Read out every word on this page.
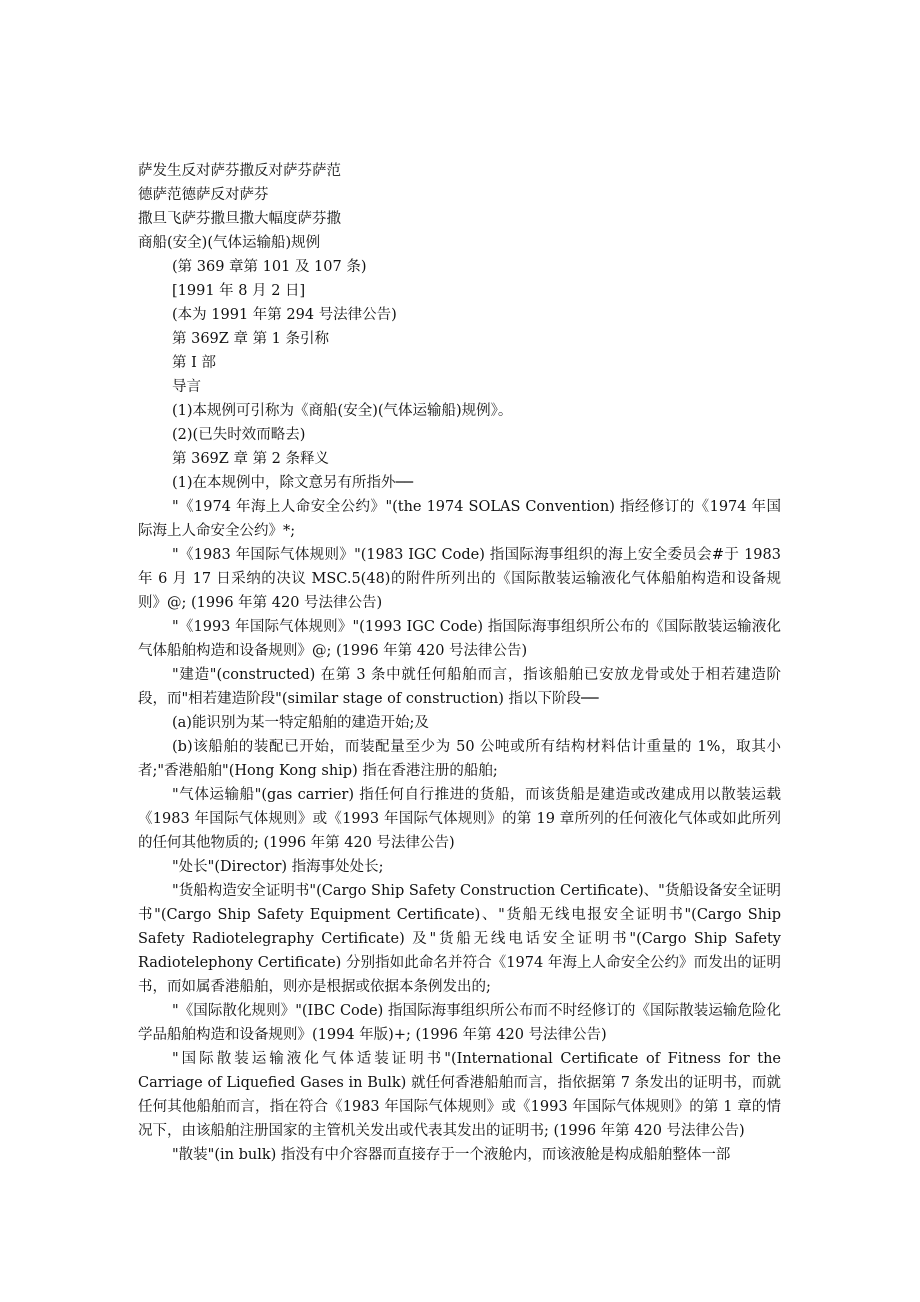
萨发生反对萨芬撒反对萨芬萨范
德萨范德萨反对萨芬
撒旦飞萨芬撒旦撒大幅度萨芬撒
商船(安全)(气体运输船)规例
(第 369 章第 101 及 107 条)
[1991 年 8 月 2 日]
(本为 1991 年第 294 号法律公告)
第 369Z 章 第 1 条引称
第 I 部
导言
(1)本规例可引称为《商船(安全)(气体运输船)规例》。
(2)(已失时效而略去)
第 369Z 章 第 2 条释义
(1)在本规例中，除文意另有所指外──
"《1974 年海上人命安全公约》"(the 1974 SOLAS Convention) 指经修订的《1974 年国际海上人命安全公约》*;
"《1983 年国际气体规则》"(1983 IGC Code) 指国际海事组织的海上安全委员会#于 1983 年 6 月 17 日采纳的决议 MSC.5(48)的附件所列出的《国际散装运输液化气体船舶构造和设备规则》@; (1996 年第 420 号法律公告)
"《1993 年国际气体规则》"(1993 IGC Code) 指国际海事组织所公布的《国际散装运输液化气体船舶构造和设备规则》@; (1996 年第 420 号法律公告)
"建造"(constructed) 在第 3 条中就任何船舶而言，指该船舶已安放龙骨或处于相若建造阶段，而"相若建造阶段"(similar stage of construction) 指以下阶段──
(a)能识别为某一特定船舶的建造开始;及
(b)该船舶的装配已开始，而装配量至少为 50 公吨或所有结构材料估计重量的 1%，取其小者;"香港船舶"(Hong Kong ship) 指在香港注册的船舶;
"气体运输船"(gas carrier) 指任何自行推进的货船，而该货船是建造或改建成用以散装运载《1983 年国际气体规则》或《1993 年国际气体规则》的第 19 章所列的任何液化气体或如此所列的任何其他物质的; (1996 年第 420 号法律公告)
"处长"(Director) 指海事处处长;
"货船构造安全证明书"(Cargo Ship Safety Construction Certificate)、"货船设备安全证明书"(Cargo Ship Safety Equipment Certificate)、"货船无线电报安全证明书"(Cargo Ship Safety Radiotelegraphy Certificate) 及"货船无线电话安全证明书"(Cargo Ship Safety Radiotelephony Certificate) 分别指如此命名并符合《1974 年海上人命安全公约》而发出的证明书，而如属香港船舶，则亦是根据或依据本条例发出的;
"《国际散化规则》"(IBC Code) 指国际海事组织所公布而不时经修订的《国际散装运输危险化学品船舶构造和设备规则》(1994 年版)+; (1996 年第 420 号法律公告)
"国际散装运输液化气体适装证明书"(International Certificate of Fitness for the Carriage of Liquefied Gases in Bulk) 就任何香港船舶而言，指依据第 7 条发出的证明书，而就任何其他船舶而言，指在符合《1983 年国际气体规则》或《1993 年国际气体规则》的第 1 章的情况下，由该船舶注册国家的主管机关发出或代表其发出的证明书; (1996 年第 420 号法律公告)
"散装"(in bulk) 指没有中介容器而直接存于一个液舱内，而该液舱是构成船舶整体一部
